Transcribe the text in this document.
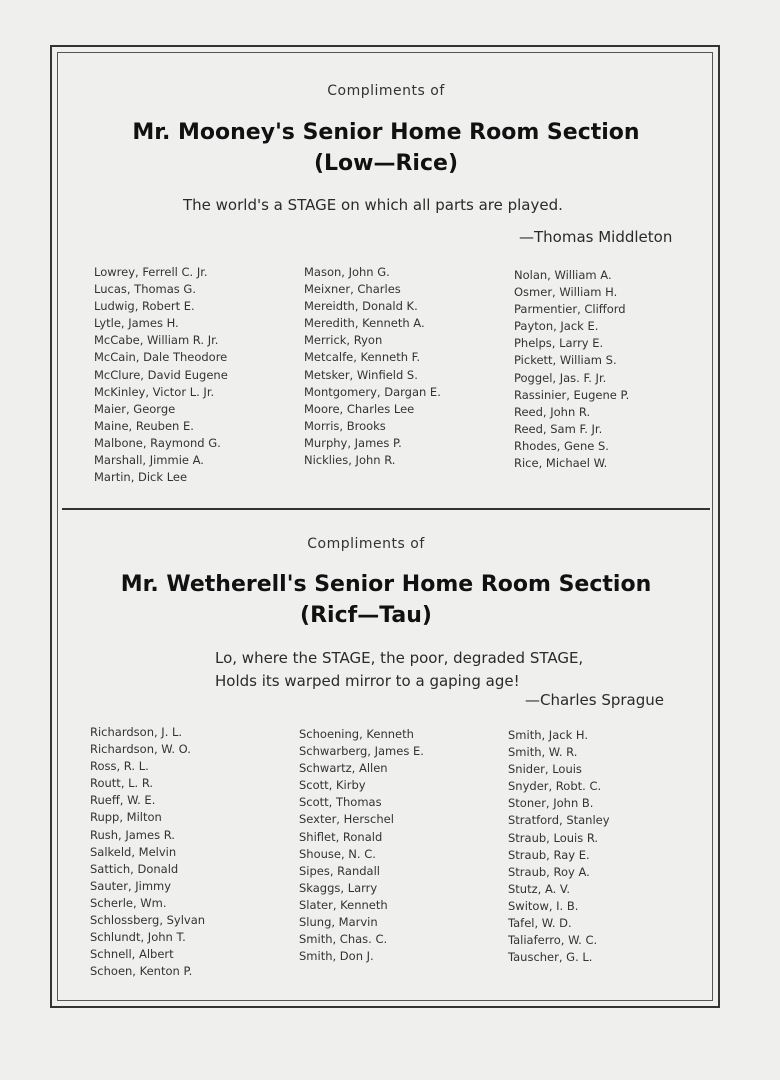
Compliments of
Mr. Mooney's Senior Home Room Section
(Low—Rice)
The world's a STAGE on which all parts are played.
—Thomas Middleton
Lowrey, Ferrell C. Jr.
Lucas, Thomas G.
Ludwig, Robert E.
Lytle, James H.
McCabe, William R. Jr.
McCain, Dale Theodore
McClure, David Eugene
McKinley, Victor L. Jr.
Maier, George
Maine, Reuben E.
Malbone, Raymond G.
Marshall, Jimmie A.
Martin, Dick Lee
Mason, John G.
Meixner, Charles
Mereidth, Donald K.
Meredith, Kenneth A.
Merrick, Ryon
Metcalfe, Kenneth F.
Metsker, Winfield S.
Montgomery, Dargan E.
Moore, Charles Lee
Morris, Brooks
Murphy, James P.
Nicklies, John R.
Nolan, William A.
Osmer, William H.
Parmentier, Clifford
Payton, Jack E.
Phelps, Larry E.
Pickett, William S.
Poggel, Jas. F. Jr.
Rassinier, Eugene P.
Reed, John R.
Reed, Sam F. Jr.
Rhodes, Gene S.
Rice, Michael W.
Compliments of
Mr. Wetherell's Senior Home Room Section
(Ricf—Tau)
Lo, where the STAGE, the poor, degraded STAGE,
Holds its warped mirror to a gaping age!
—Charles Sprague
Richardson, J. L.
Richardson, W. O.
Ross, R. L.
Routt, L. R.
Rueff, W. E.
Rupp, Milton
Rush, James R.
Salkeld, Melvin
Sattich, Donald
Sauter, Jimmy
Scherle, Wm.
Schlossberg, Sylvan
Schlundt, John T.
Schnell, Albert
Schoen, Kenton P.
Schoening, Kenneth
Schwarberg, James E.
Schwartz, Allen
Scott, Kirby
Scott, Thomas
Sexter, Herschel
Shiflet, Ronald
Shouse, N. C.
Sipes, Randall
Skaggs, Larry
Slater, Kenneth
Slung, Marvin
Smith, Chas. C.
Smith, Don J.
Smith, Jack H.
Smith, W. R.
Snider, Louis
Snyder, Robt. C.
Stoner, John B.
Stratford, Stanley
Straub, Louis R.
Straub, Ray E.
Straub, Roy A.
Stutz, A. V.
Switow, I. B.
Tafel, W. D.
Taliaferro, W. C.
Tauscher, G. L.
